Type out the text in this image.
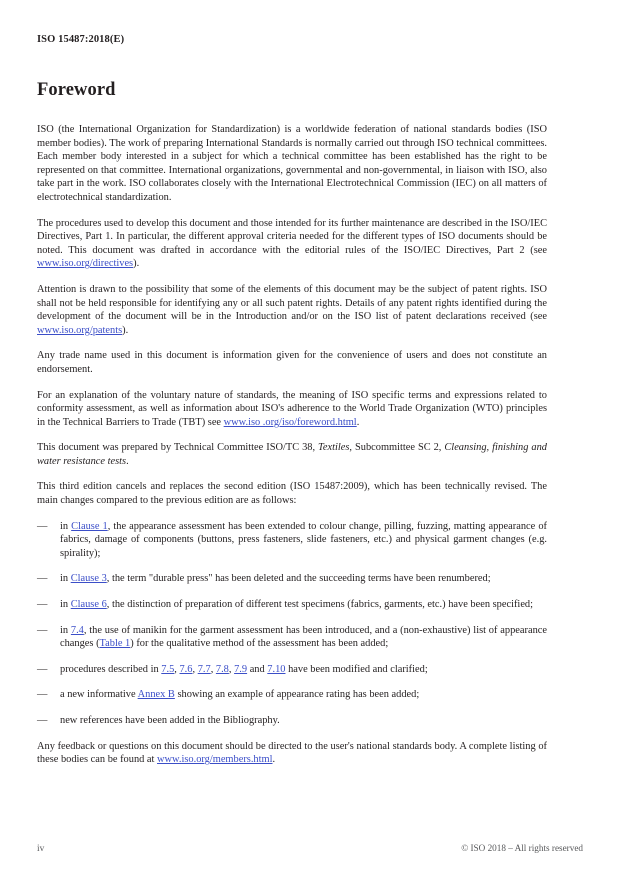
ISO 15487:2018(E)
Foreword

ISO (the International Organization for Standardization) is a worldwide federation of national standards bodies (ISO member bodies). The work of preparing International Standards is normally carried out through ISO technical committees. Each member body interested in a subject for which a technical committee has been established has the right to be represented on that committee. International organizations, governmental and non-governmental, in liaison with ISO, also take part in the work. ISO collaborates closely with the International Electrotechnical Commission (IEC) on all matters of electrotechnical standardization.

The procedures used to develop this document and those intended for its further maintenance are described in the ISO/IEC Directives, Part 1. In particular, the different approval criteria needed for the different types of ISO documents should be noted. This document was drafted in accordance with the editorial rules of the ISO/IEC Directives, Part 2 (see www.iso.org/directives).

Attention is drawn to the possibility that some of the elements of this document may be the subject of patent rights. ISO shall not be held responsible for identifying any or all such patent rights. Details of any patent rights identified during the development of the document will be in the Introduction and/or on the ISO list of patent declarations received (see www.iso.org/patents).

Any trade name used in this document is information given for the convenience of users and does not constitute an endorsement.

For an explanation of the voluntary nature of standards, the meaning of ISO specific terms and expressions related to conformity assessment, as well as information about ISO's adherence to the World Trade Organization (WTO) principles in the Technical Barriers to Trade (TBT) see www.iso .org/iso/foreword.html.

This document was prepared by Technical Committee ISO/TC 38, Textiles, Subcommittee SC 2, Cleansing, finishing and water resistance tests.

This third edition cancels and replaces the second edition (ISO 15487:2009), which has been technically revised. The main changes compared to the previous edition are as follows:

—	in Clause 1, the appearance assessment has been extended to colour change, pilling, fuzzing, matting appearance of fabrics, damage of components (buttons, press fasteners, slide fasteners, etc.) and physical garment changes (e.g. spirality);
—	in Clause 3, the term "durable press" has been deleted and the succeeding terms have been renumbered;
—	in Clause 6, the distinction of preparation of different test specimens (fabrics, garments, etc.) have been specified;
—	in 7.4, the use of manikin for the garment assessment has been introduced, and a (non-exhaustive) list of appearance changes (Table 1) for the qualitative method of the assessment has been added;
—	procedures described in 7.5, 7.6, 7.7, 7.8, 7.9 and 7.10 have been modified and clarified;
—	a new informative Annex B showing an example of appearance rating has been added;
—	new references have been added in the Bibliography.

Any feedback or questions on this document should be directed to the user's national standards body. A complete listing of these bodies can be found at www.iso.org/members.html.

iv	© ISO 2018 – All rights reserved
